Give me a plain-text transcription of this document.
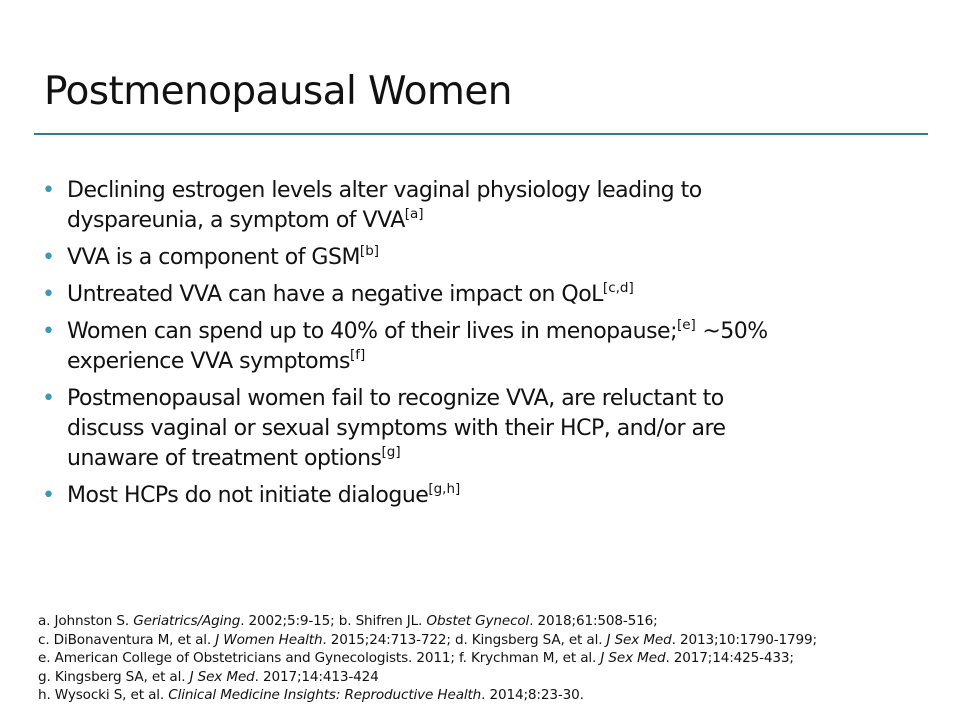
Postmenopausal Women
• Declining estrogen levels alter vaginal physiology leading to
dyspareunia, a symptom of VVA[a]
• VVA is a component of GSM[b]
• Untreated VVA can have a negative impact on QoL[c,d]
• Women can spend up to 40% of their lives in menopause;[e] ~50%
experience VVA symptoms[f]
• Postmenopausal women fail to recognize VVA, are reluctant to
discuss vaginal or sexual symptoms with their HCP, and/or are
unaware of treatment options[g]
• Most HCPs do not initiate dialogue[g,h]
a. Johnston S. Geriatrics/Aging. 2002;5:9-15; b. Shifren JL. Obstet Gynecol. 2018;61:508-516;
c. DiBonaventura M, et al. J Women Health. 2015;24:713-722; d. Kingsberg SA, et al. J Sex Med. 2013;10:1790-1799;
e. American College of Obstetricians and Gynecologists. 2011; f. Krychman M, et al. J Sex Med. 2017;14:425-433;
g. Kingsberg SA, et al. J Sex Med. 2017;14:413-424
h. Wysocki S, et al. Clinical Medicine Insights: Reproductive Health. 2014;8:23-30.
